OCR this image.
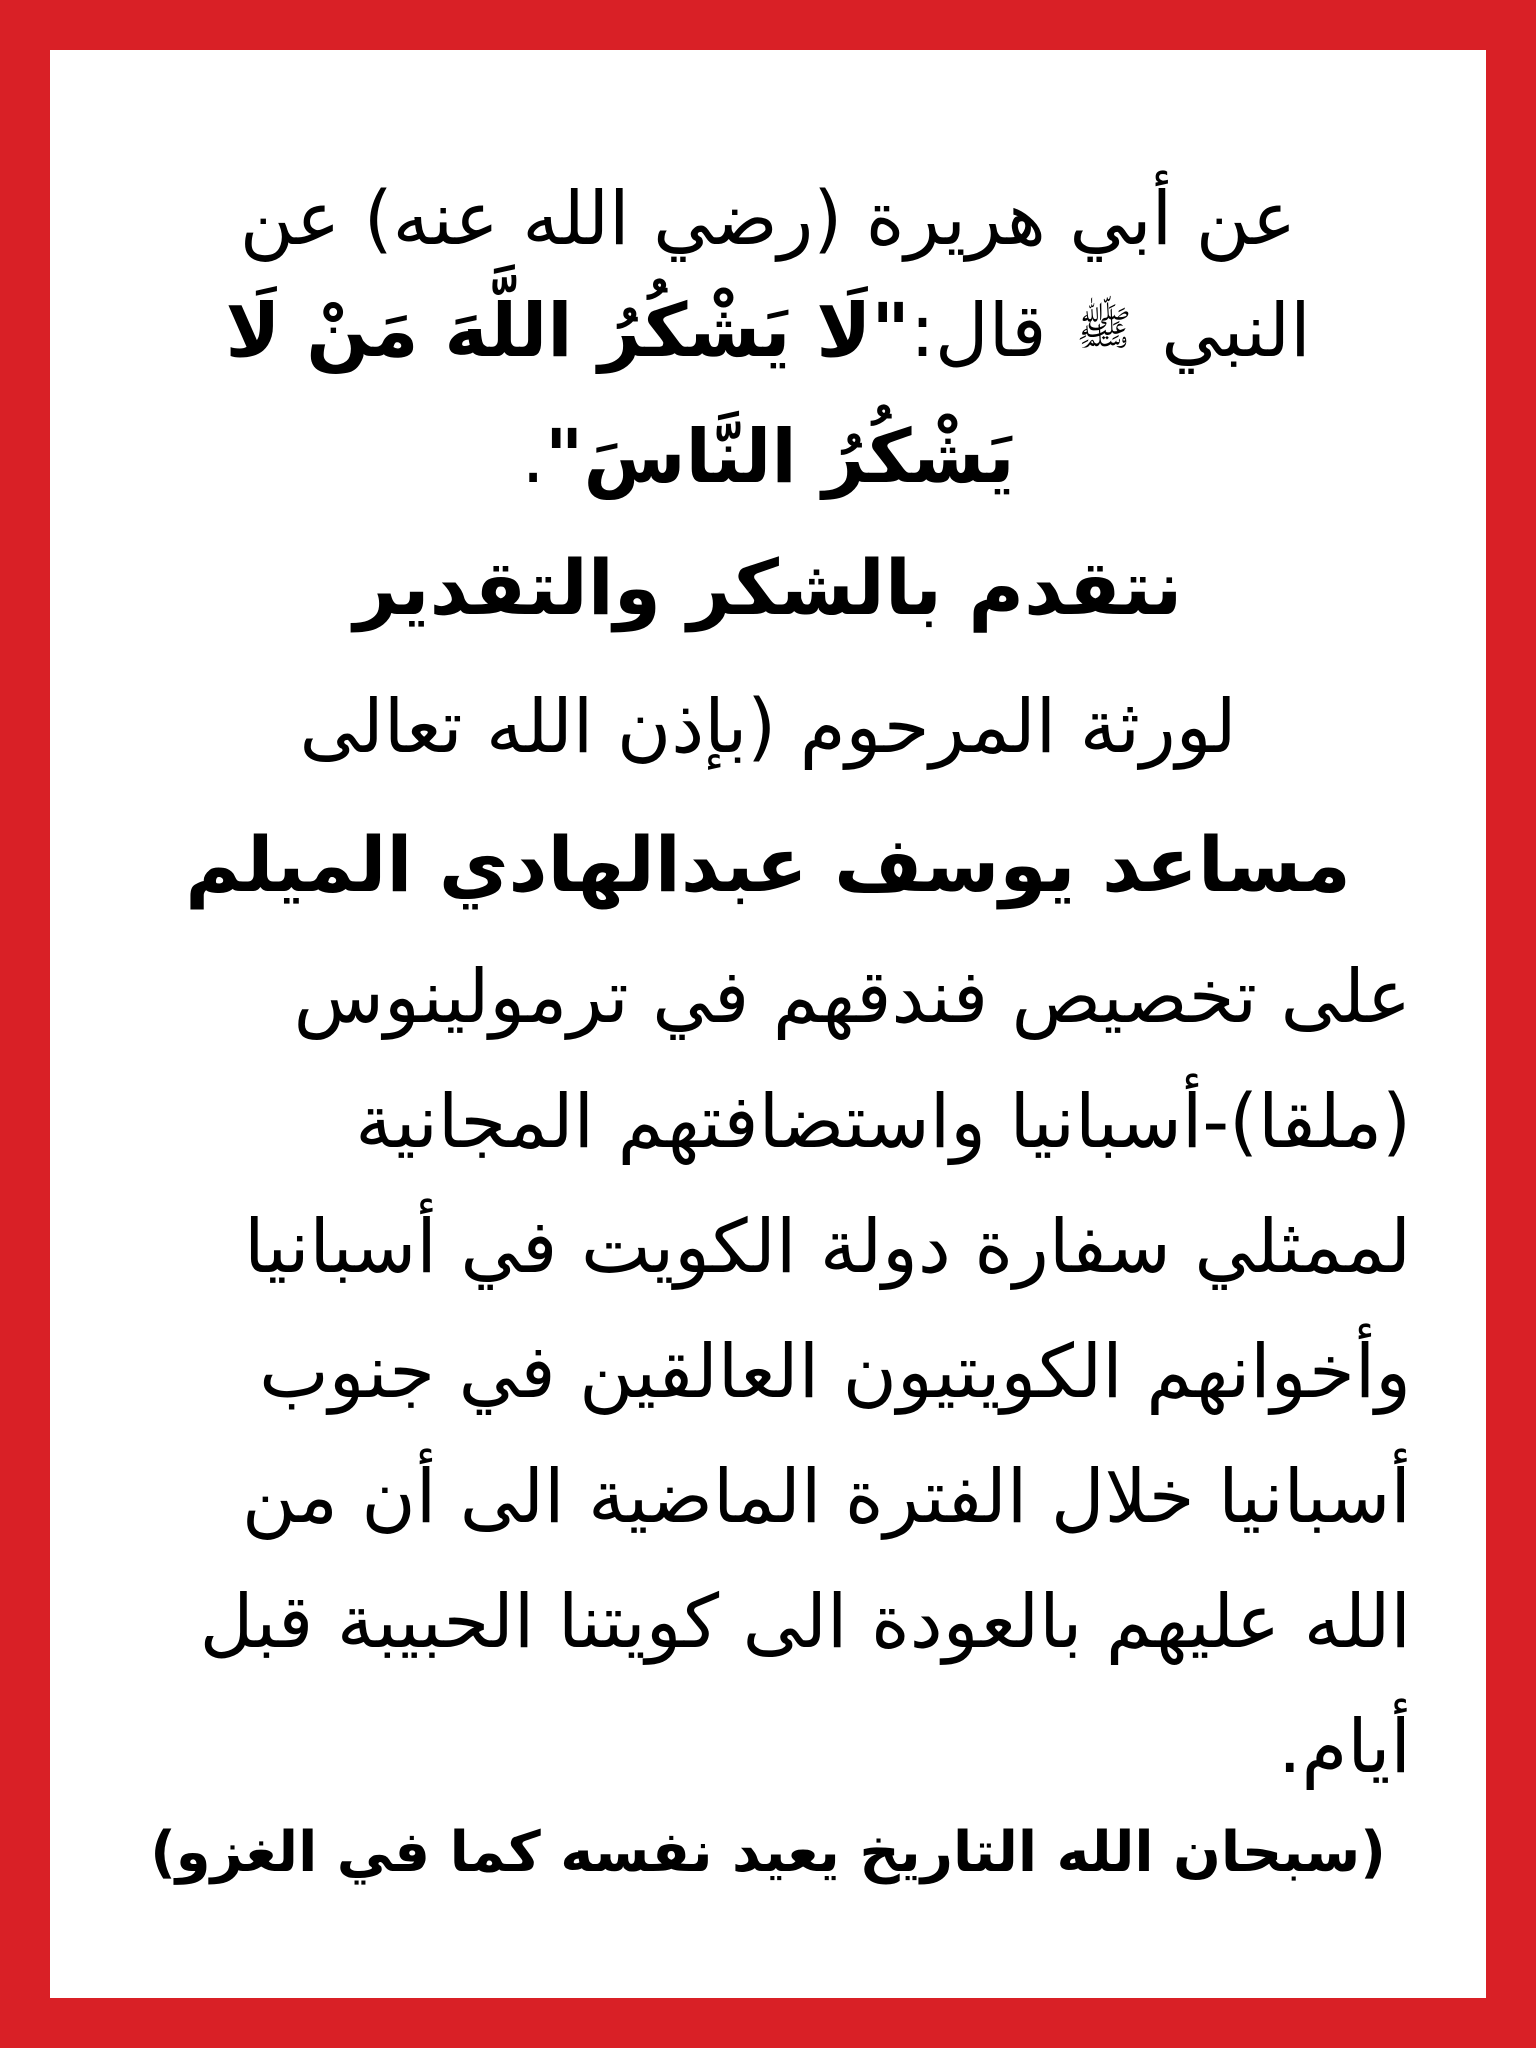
عن أبي هريرة (رضي الله عنه) عن
النبي ﷺ قال:"لَا يَشْكُرُ اللَّهَ مَنْ لَا
يَشْكُرُ النَّاسَ".
نتقدم بالشكر والتقدير
لورثة المرحوم (بإذن الله تعالى
مساعد يوسف عبدالهادي الميلم
على تخصيص فندقهم في ترمولينوس
(ملقا)-أسبانيا واستضافتهم المجانية
لممثلي سفارة دولة الكويت في أسبانيا
وأخوانهم الكويتيون العالقين في جنوب
أسبانيا خلال الفترة الماضية الى أن من
الله عليهم بالعودة الى كويتنا الحبيبة قبل
أيام.
(سبحان الله التاريخ يعيد نفسه كما في الغزو)
